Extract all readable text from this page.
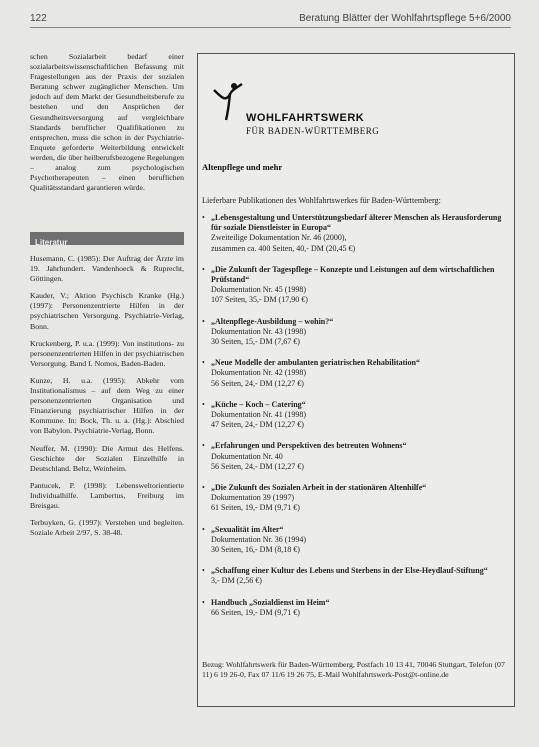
122	Beratung Blätter der Wohlfahrtspflege 5+6/2000

schen Sozialarbeit bedarf einer sozialarbeitswissenschaftlichen Befassung mit Fragestellungen aus der Praxis der sozialen Beratung schwer zugänglicher Menschen. Um jedoch auf dem Markt der Gesundheitsberufe zu bestehen und den Ansprüchen der Gesundheitsversorgung auf vergleichbare Standards beruflicher Qualifikationen zu entsprechen, muss die schon in der Psychiatrie-Enquete geforderte Weiterbildung entwickelt werden, die über heilberufsbezogene Regelungen – analog zum psychologischen Psychotherapeuten – einen beruflichen Qualitätsstandard garantieren würde.

Literatur

Husemann, C. (1985): Der Auftrag der Ärzte im 19. Jahrhundert. Vandenhoeck & Ruprecht, Göttingen.

Kauder, V.; Aktion Psychisch Kranke (Hg.) (1997): Personenzentrierte Hilfen in der psychiatrischen Versorgung. Psychiatrie-Verlag, Bonn.

Kruckenberg, P. u.a. (1999): Von institutions- zu personenzentrierten Hilfen in der psychiatrischen Versorgung. Band I. Nomos, Baden-Baden.

Kunze, H. u.a. (1995): Abkehr vom Institutionalismus – auf dem Weg zu einer personenzentrierten Organisation und Finanzierung psychiatrischer Hilfen in der Kommune. In: Bock, Th. u. a. (Hg.): Abschied von Babylon. Psychiatrie-Verlag, Bonn.

Neuffer, M. (1990): Die Armut des Helfens. Geschichte der Sozialen Einzelhilfe in Deutschland. Beltz, Weinheim.

Pantucek, P. (1998): Lebensweltorientierte Individualhilfe. Lambertus, Freiburg im Breisgau.

Terbuyken, G. (1997): Verstehen und begleiten. Soziale Arbeit 2/97, S. 38-48.

WOHLFAHRTSWERK
FÜR BADEN-WÜRTTEMBERG
Altenpflege und mehr
Lieferbare Publikationen des Wohlfahrtswerkes für Baden-Württemberg:
• „Lebensgestaltung und Unterstützungsbedarf älterer Menschen als Herausforderung für soziale Dienstleister in Europa“
Zweiteilige Dokumentation Nr. 46 (2000),
zusammen ca. 400 Seiten, 40,- DM (20,45 €)
• „Die Zukunft der Tagespflege – Konzepte und Leistungen auf dem wirtschaftlichen Prüfstand“
Dokumentation Nr. 45 (1998)
107 Seiten, 35,- DM (17,90 €)
• „Altenpflege-Ausbildung – wohin?“
Dokumentation Nr. 43 (1998)
30 Seiten, 15,- DM (7,67 €)
• „Neue Modelle der ambulanten geriatrischen Rehabilitation“
Dokumentation Nr. 42 (1998)
56 Seiten, 24,- DM (12,27 €)
• „Küche – Koch – Catering“
Dokumentation Nr. 41 (1998)
47 Seiten, 24,- DM (12,27 €)
• „Erfahrungen und Perspektiven des betreuten Wohnens“
Dokumentation Nr. 40
56 Seiten, 24,- DM (12,27 €)
• „Die Zukunft des Sozialen Arbeit in der stationären Altenhilfe“
Dokumentation 39 (1997)
61 Seiten, 19,- DM (9,71 €)
• „Sexualität im Alter“
Dokumentation Nr. 36 (1994)
30 Seiten, 16,- DM (8,18 €)
• „Schaffung einer Kultur des Lebens und Sterbens in der Else-Heydlauf-Stiftung“
3,- DM (2,56 €)
• Handbuch „Sozialdienst im Heim“
66 Seiten, 19,- DM (9,71 €)
Bezug: Wohlfahrtswerk für Baden-Württemberg, Postfach 10 13 41, 70046 Stuttgart, Telefon (07 11) 6 19 26-0, Fax 07 11/6 19 26 75, E-Mail Wohlfahrtswerk-Post@t-online.de
